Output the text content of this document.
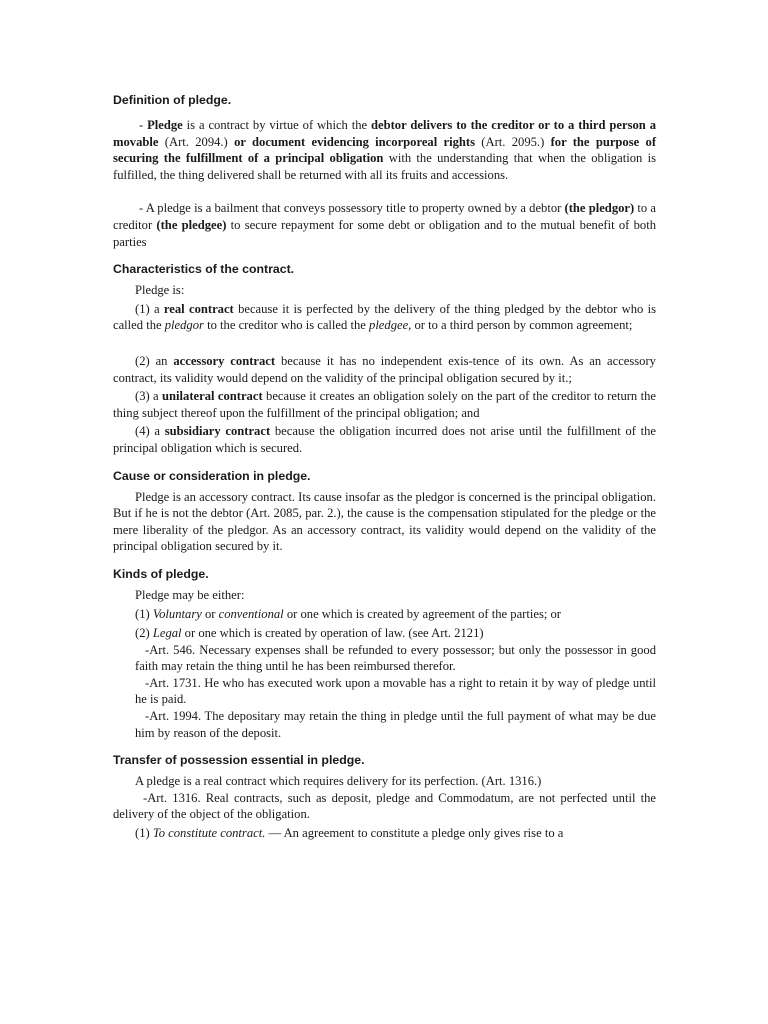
Definition of pledge.

- Pledge is a contract by virtue of which the debtor delivers to the creditor or to a third person a movable (Art. 2094.) or document evidencing incorporeal rights (Art. 2095.) for the purpose of securing the fulfillment of a principal obligation with the understanding that when the obligation is fulfilled, the thing delivered shall be returned with all its fruits and accessions.

- A pledge is a bailment that conveys possessory title to property owned by a debtor (the pledgor) to a creditor (the pledgee) to secure repayment for some debt or obligation and to the mutual benefit of both parties

Characteristics of the contract.

Pledge is:

(1) a real contract because it is perfected by the delivery of the thing pledged by the debtor who is called the pledgor to the creditor who is called the pledgee, or to a third person by common agreement;

(2) an accessory contract because it has no independent exis-tence of its own. As an accessory contract, its validity would depend on the validity of the principal obligation secured by it.;

(3) a unilateral contract because it creates an obligation solely on the part of the creditor to return the thing subject thereof upon the fulfillment of the principal obligation; and

(4) a subsidiary contract because the obligation incurred does not arise until the fulfillment of the principal obligation which is secured.

Cause or consideration in pledge.

Pledge is an accessory contract. Its cause insofar as the pledgor is concerned is the principal obligation. But if he is not the debtor (Art. 2085, par. 2.), the cause is the compensation stipulated for the pledge or the mere liberality of the pledgor. As an accessory contract, its validity would depend on the validity of the principal obligation secured by it.

Kinds of pledge.

Pledge may be either:

(1) Voluntary or conventional or one which is created by agreement of the parties; or

(2) Legal or one which is created by operation of law. (see Art. 2121)

-Art. 546. Necessary expenses shall be refunded to every possessor; but only the possessor in good faith may retain the thing until he has been reimbursed therefor.

-Art. 1731. He who has executed work upon a movable has a right to retain it by way of pledge until he is paid.

-Art. 1994. The depositary may retain the thing in pledge until the full payment of what may be due him by reason of the deposit.

Transfer of possession essential in pledge.

A pledge is a real contract which requires delivery for its perfection. (Art. 1316.)

-Art. 1316. Real contracts, such as deposit, pledge and Commodatum, are not perfected until the delivery of the object of the obligation.

(1) To constitute contract. — An agreement to constitute a pledge only gives rise to a
